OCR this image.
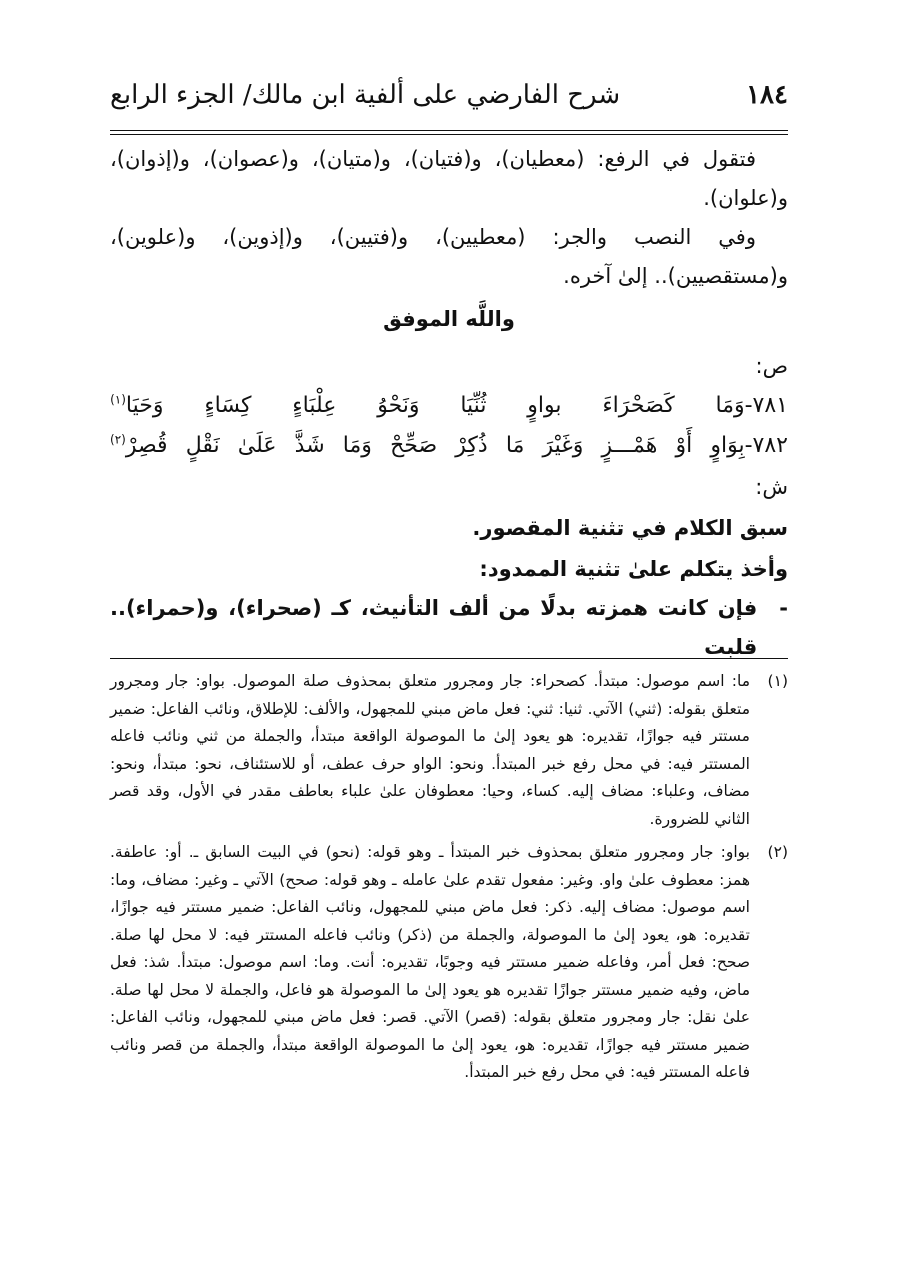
١٨٤
شرح الفارضي على ألفية ابن مالك/ الجزء الرابع

فتقول في الرفع: (معطيان)، و(فتيان)، و(متيان)، و(عصوان)، و(إذوان)، و(علوان).

وفي النصب والجر: (معطيين)، و(فتيين)، و(إذوين)، و(علوين)، و(مستقصيين).. إلىٰ آخره.

واللَّه الموفق

ص:

٧٨١-وَمَا
كَصَحْرَاءَ
بواوٍ
ثُنِّيَا
وَنَحْوُ
عِلْبَاءٍ
كِسَاءٍ
وَحَيَا$^{(١)}$
٧٨٢-بِوَاوٍ
أَوْ
هَمْـــزٍ
وَغَيْرَ
مَا
ذُكِرْ
صَحِّحْ
وَمَا
شَذَّ
عَلَىٰ
نَقْلٍ
قُصِرْ$^{(٢)}$

ش:

سبق الكلام في تثنية المقصور.

وأخذ يتكلم علىٰ تثنية الممدود:

-
فإن كانت همزته بدلًا من ألف التأنيث، كـ (صحراء)، و(حمراء).. قلبت
(١)
ما: اسم موصول: مبتدأ. كصحراء: جار ومجرور متعلق بمحذوف صلة الموصول. بواو: جار ومجرور متعلق بقوله: (ثني) الآتي. ثنيا: ثني: فعل ماض مبني للمجهول، والألف: للإطلاق، ونائب الفاعل: ضمير مستتر فيه جوازًا، تقديره: هو يعود إلىٰ ما الموصولة الواقعة مبتدأ، والجملة من ثني ونائب فاعله المستتر فيه: في محل رفع خبر المبتدأ. ونحو: الواو حرف عطف، أو للاستئناف، نحو: مبتدأ، ونحو: مضاف، وعلباء: مضاف إليه. كساء، وحيا: معطوفان علىٰ علباء بعاطف مقدر في الأول، وقد قصر الثاني للضرورة.
(٢)
بواو: جار ومجرور متعلق بمحذوف خبر المبتدأ ـ وهو قوله: (نحو) في البيت السابق ـ. أو: عاطفة. همز: معطوف علىٰ واو. وغير: مفعول تقدم علىٰ عامله ـ وهو قوله: صحح) الآتي ـ وغير: مضاف، وما: اسم موصول: مضاف إليه. ذكر: فعل ماض مبني للمجهول، ونائب الفاعل: ضمير مستتر فيه جوازًا، تقديره: هو، يعود إلىٰ ما الموصولة، والجملة من (ذكر) ونائب فاعله المستتر فيه: لا محل لها صلة. صحح: فعل أمر، وفاعله ضمير مستتر فيه وجوبًا، تقديره: أنت. وما: اسم موصول: مبتدأ. شذ: فعل ماض، وفيه ضمير مستتر جوازًا تقديره هو يعود إلىٰ ما الموصولة هو فاعل، والجملة لا محل لها صلة. علىٰ نقل: جار ومجرور متعلق بقوله: (قصر) الآتي. قصر: فعل ماض مبني للمجهول، ونائب الفاعل: ضمير مستتر فيه جوازًا، تقديره: هو، يعود إلىٰ ما الموصولة الواقعة مبتدأ، والجملة من قصر ونائب فاعله المستتر فيه: في محل رفع خبر المبتدأ.
